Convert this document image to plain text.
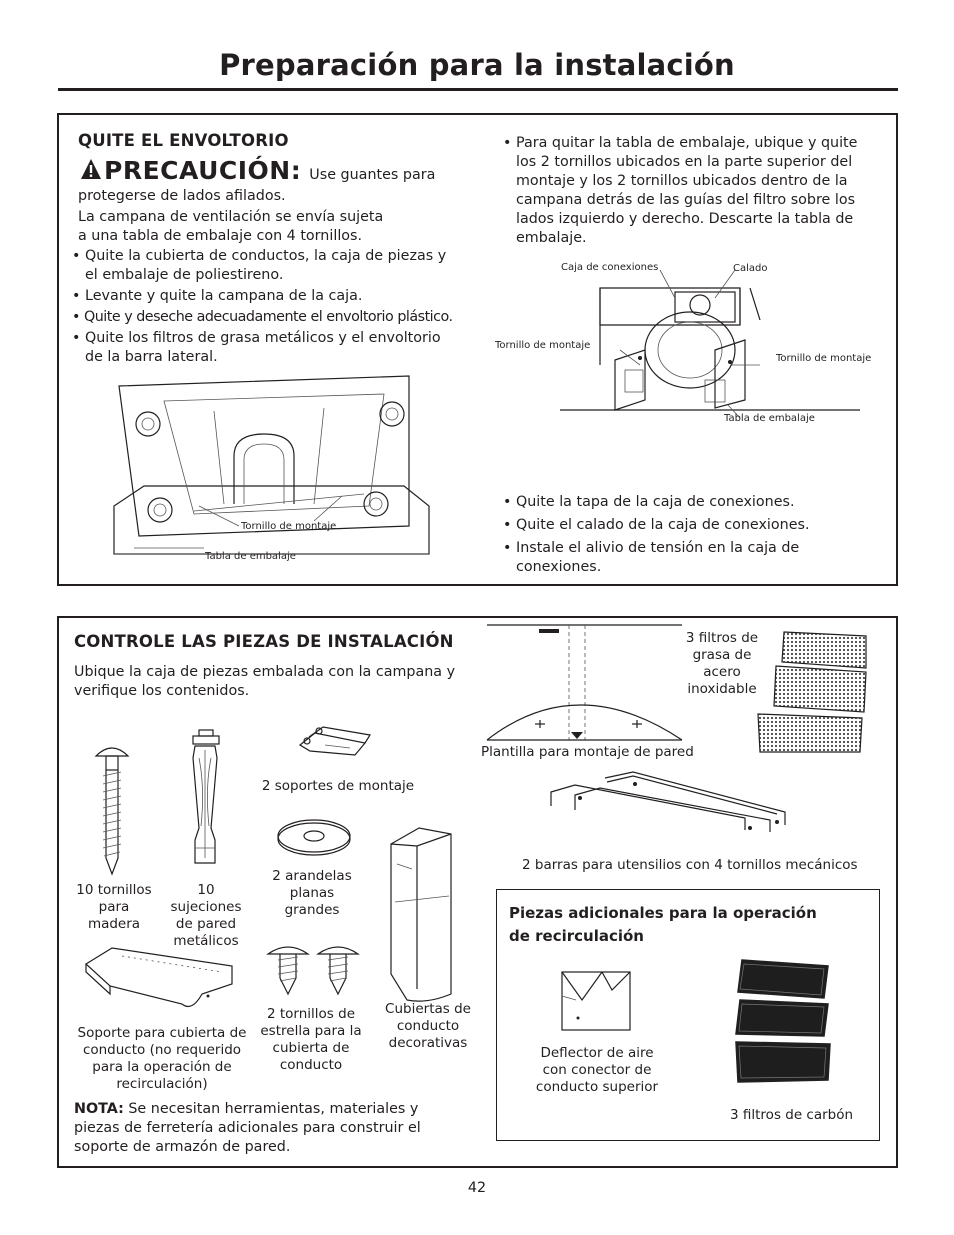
Preparación para la instalación
QUITE EL ENVOLTORIO
PRECAUCIÓN: Use guantes para
protegerse de lados afilados.
La campana de ventilación se envía sujeta
a una tabla de embalaje con 4 tornillos.

• Quite la cubierta de conductos, la caja de piezas y el embalaje de poliestireno.

• Levante y quite la campana de la caja.

• Quite y deseche adecuadamente el envoltorio plástico.

• Quite los filtros de grasa metálicos y el envoltorio de la barra lateral.

Tornillo de montaje
Tabla de embalaje
• Para quitar la tabla de embalaje, ubique y quite los 2 tornillos ubicados en la parte superior del montaje y los 2 tornillos ubicados dentro de la campana detrás de las guías del filtro sobre los lados izquierdo y derecho. Descarte la tabla de embalaje.
Caja de conexiones	Calado
Tornillo de montaje
Tornillo de montaje
Tabla de embalaje

• Quite la tapa de la caja de conexiones.

• Quite el calado de la caja de conexiones.

• Instale el alivio de tensión en la caja de conexiones.

CONTROLE LAS PIEZAS DE INSTALACIÓN
Ubique la caja de piezas embalada con la campana y verifique los contenidos.
Plantilla para montaje de pared
3 filtros de grasa de acero inoxidable
2 barras para utensilios con 4 tornillos mecánicos
2 soportes de montaje
10 tornillos para madera
10 sujeciones de pared metálicos
2 arandelas planas grandes
Cubiertas de conducto decorativas
Soporte para cubierta de conducto (no requerido para la operación de recirculación)
2 tornillos de estrella para la cubierta de conducto
NOTA: Se necesitan herramientas, materiales y piezas de ferretería adicionales para construir el soporte de armazón de pared.
Piezas adicionales para la operación de recirculación
Deflector de aire con conector de conducto superior
3 filtros de carbón
42
